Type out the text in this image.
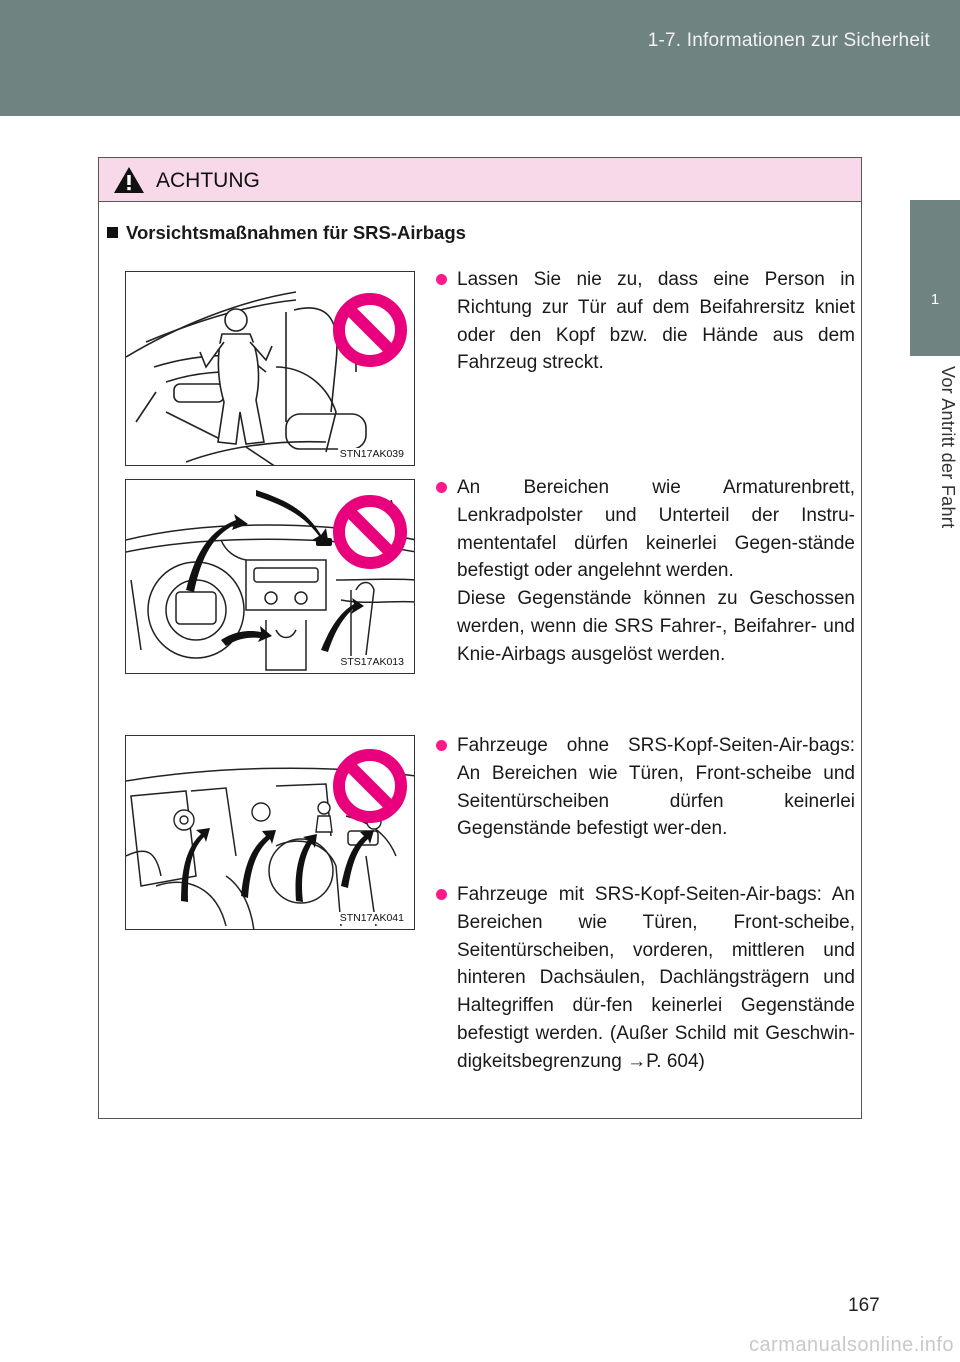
1-7. Informationen zur Sicherheit
1
Vor Antritt der Fahrt
ACHTUNG
Vorsichtsmaßnahmen für SRS-Airbags
STN17AK039
STS17AK013
STN17AK041
Lassen Sie nie zu, dass eine Person in Richtung zur Tür auf dem Beifahrersitz kniet oder den Kopf bzw. die Hände aus dem Fahrzeug streckt.
An Bereichen wie Armaturenbrett, Lenkradpolster und Unterteil der Instru-mententafel dürfen keinerlei Gegen-stände befestigt oder angelehnt werden.
Diese Gegenstände können zu Geschossen werden, wenn die SRS Fahrer-, Beifahrer- und Knie-Airbags ausgelöst werden.
Fahrzeuge ohne SRS-Kopf-Seiten-Air-bags: An Bereichen wie Türen, Front-scheibe und Seitentürscheiben dürfen keinerlei Gegenstände befestigt wer-den.
Fahrzeuge mit SRS-Kopf-Seiten-Air-bags: An Bereichen wie Türen, Front-scheibe, Seitentürscheiben, vorderen, mittleren und hinteren Dachsäulen, Dachlängsträgern und Haltegriffen dür-fen keinerlei Gegenstände befestigt werden. (Außer Schild mit Geschwin-digkeitsbegrenzung →P. 604)
167
carmanualsonline.info
